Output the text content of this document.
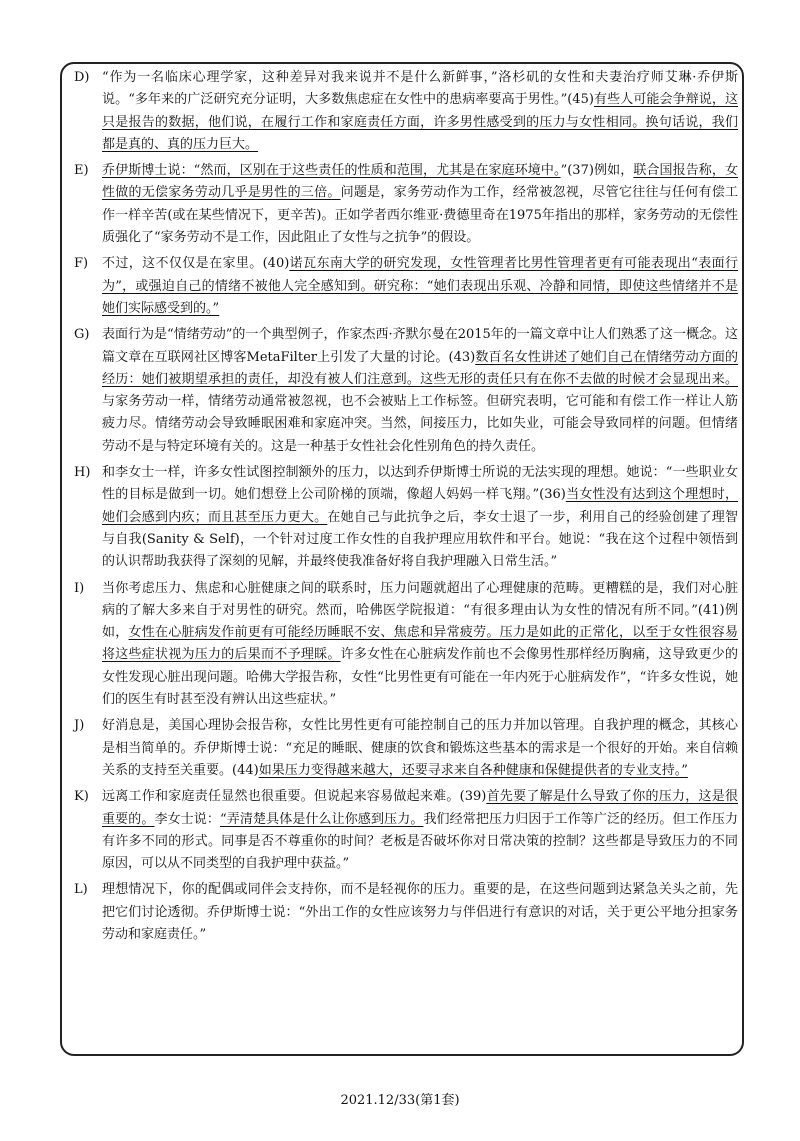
D) “作为一名临床心理学家，这种差异对我来说并不是什么新鲜事，”洛杉矶的女性和夫妻治疗师艾琳·乔伊斯说。“多年来的广泛研究充分证明，大多数焦虑症在女性中的患病率要高于男性。”(45)有些人可能会争辩说，这只是报告的数据，他们说，在履行工作和家庭责任方面，许多男性感受到的压力与女性相同。换句话说，我们都是真的、真的压力巨大。
E)	乔伊斯博士说：“然而，区别在于这些责任的性质和范围，尤其是在家庭环境中。”(37)例如，联合国报告称，女性做的无偿家务劳动几乎是男性的三倍。问题是，家务劳动作为工作，经常被忽视，尽管它往往与任何有偿工作一样辛苦(或在某些情况下，更辛苦)。正如学者西尔维亚·费德里奇在1975年指出的那样，家务劳动的无偿性质强化了“家务劳动不是工作，因此阻止了女性与之抗争”的假设。
F)	不过，这不仅仅是在家里。(40)诺瓦东南大学的研究发现，女性管理者比男性管理者更有可能表现出“表面行为”，或强迫自己的情绪不被他人完全感知到。研究称：“她们表现出乐观、冷静和同情，即使这些情绪并不是她们实际感受到的。”
G) 表面行为是“情绪劳动”的一个典型例子，作家杰西·齐默尔曼在2015年的一篇文章中让人们熟悉了这一概念。这篇文章在互联网社区博客MetaFilter上引发了大量的讨论。(43)数百名女性讲述了她们自己在情绪劳动方面的经历：她们被期望承担的责任，却没有被人们注意到。这些无形的责任只有在你不去做的时候才会显现出来。与家务劳动一样，情绪劳动通常被忽视，也不会被贴上工作标签。但研究表明，它可能和有偿工作一样让人筋疲力尽。情绪劳动会导致睡眠困难和家庭冲突。当然，间接压力，比如失业，可能会导致同样的问题。但情绪劳动不是与特定环境有关的。这是一种基于女性社会化性别角色的持久责任。
H) 和李女士一样，许多女性试图控制额外的压力，以达到乔伊斯博士所说的无法实现的理想。她说：“一些职业女性的目标是做到一切。她们想登上公司阶梯的顶端，像超人妈妈一样飞翔。”(36)当女性没有达到这个理想时，她们会感到内疚；而且甚至压力更大。在她自己与此抗争之后，李女士退了一步，利用自己的经验创建了理智与自我(Sanity & Self)，一个针对过度工作女性的自我护理应用软件和平台。她说：“我在这个过程中领悟到的认识帮助我获得了深刻的见解，并最终使我准备好将自我护理融入日常生活。”
I)	当你考虑压力、焦虑和心脏健康之间的联系时，压力问题就超出了心理健康的范畴。更糟糕的是，我们对心脏病的了解大多来自于对男性的研究。然而，哈佛医学院报道：“有很多理由认为女性的情况有所不同。”(41)例如，女性在心脏病发作前更有可能经历睡眠不安、焦虑和异常疲劳。压力是如此的正常化，以至于女性很容易将这些症状视为压力的后果而不予理睬。许多女性在心脏病发作前也不会像男性那样经历胸痛，这导致更少的女性发现心脏出现问题。哈佛大学报告称，女性“比男性更有可能在一年内死于心脏病发作”，“许多女性说，她们的医生有时甚至没有辨认出这些症状。”
J)	好消息是，美国心理协会报告称，女性比男性更有可能控制自己的压力并加以管理。自我护理的概念，其核心是相当简单的。乔伊斯博士说：“充足的睡眠、健康的饮食和锻炼这些基本的需求是一个很好的开始。来自信赖关系的支持至关重要。(44)如果压力变得越来越大，还要寻求来自各种健康和保健提供者的专业支持。”
K)	远离工作和家庭责任显然也很重要。但说起来容易做起来难。(39)首先要了解是什么导致了你的压力，这是很重要的。李女士说：“弄清楚具体是什么让你感到压力。我们经常把压力归因于工作等广泛的经历。但工作压力有许多不同的形式。同事是否不尊重你的时间？老板是否破坏你对日常决策的控制？这些都是导致压力的不同原因，可以从不同类型的自我护理中获益。”
L)	理想情况下，你的配偶或同伴会支持你，而不是轻视你的压力。重要的是，在这些问题到达紧急关头之前，先把它们讨论透彻。乔伊斯博士说：“外出工作的女性应该努力与伴侣进行有意识的对话，关于更公平地分担家务劳动和家庭责任。”
2021.12/33(第1套)
